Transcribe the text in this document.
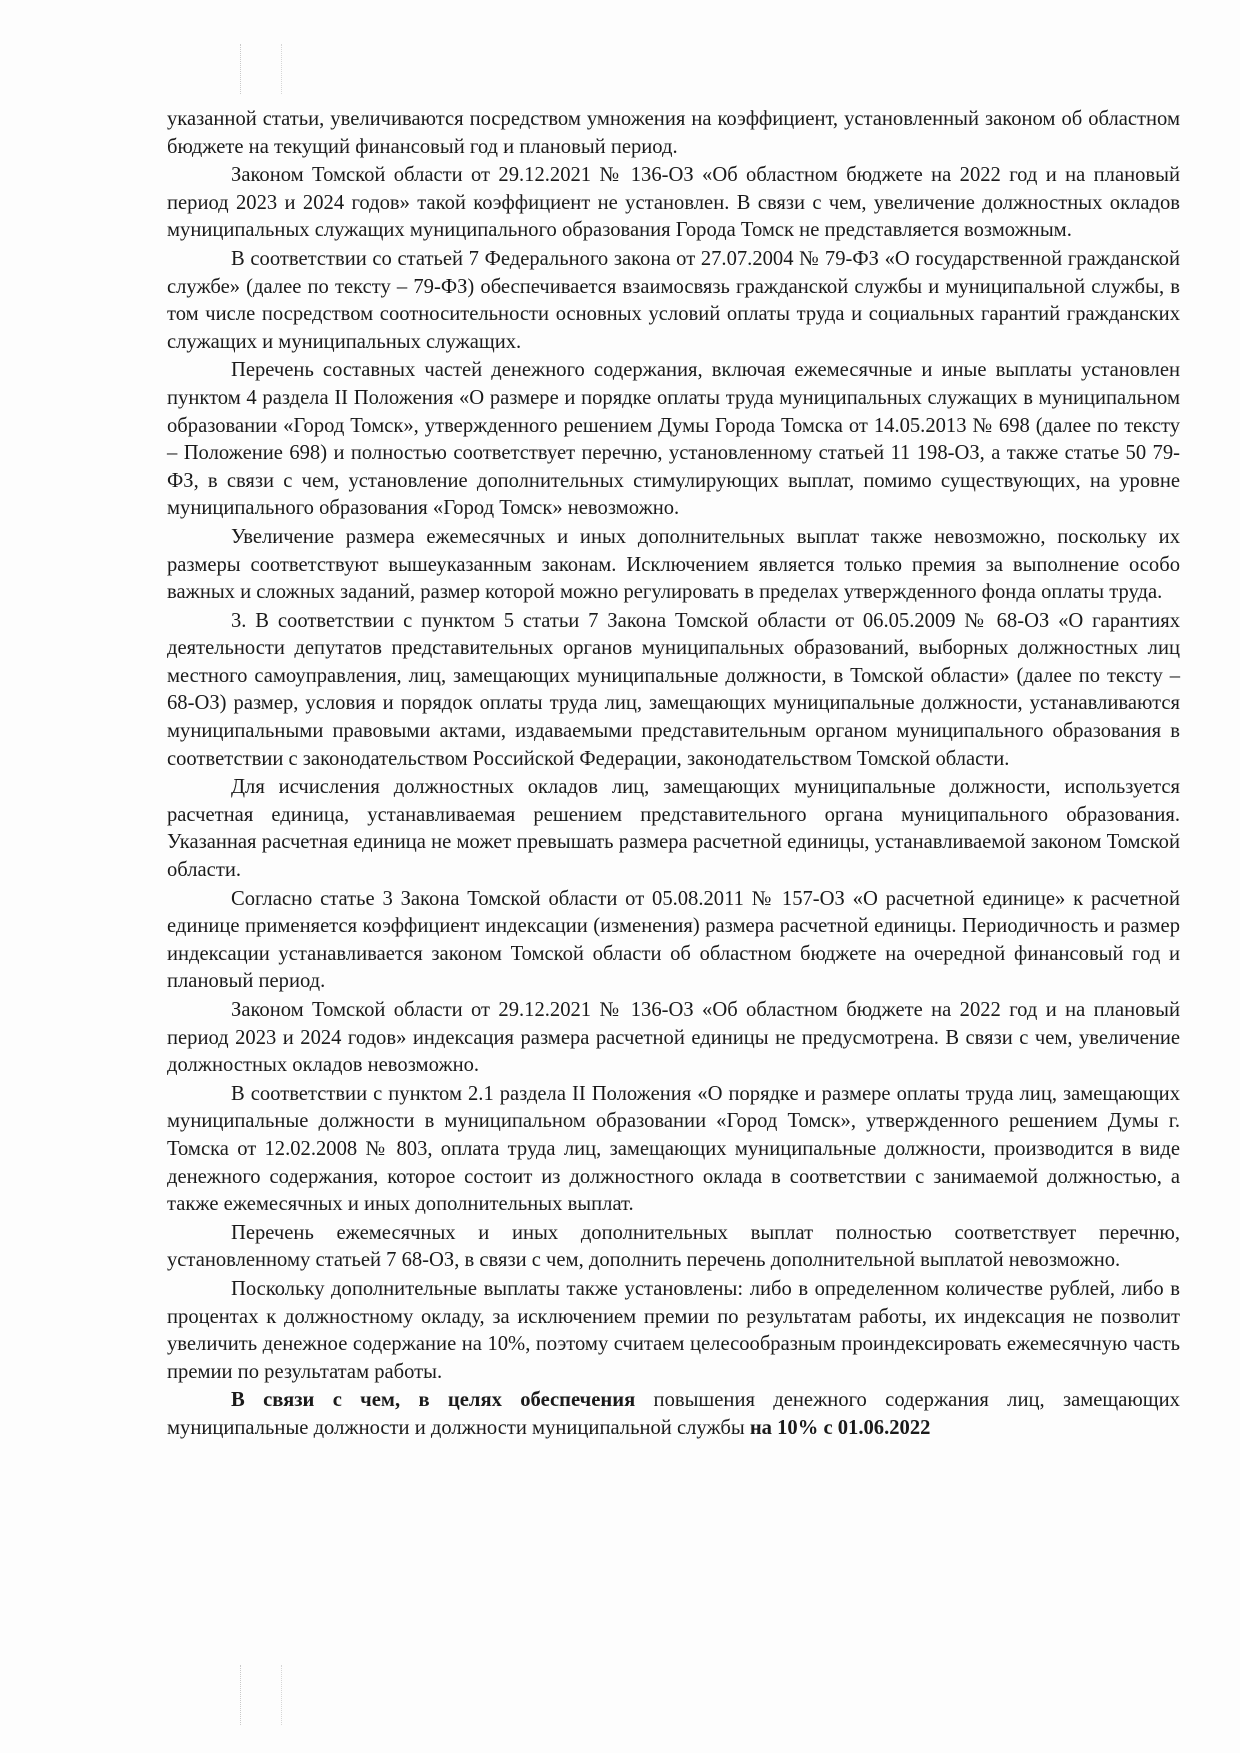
указанной статьи, увеличиваются посредством умножения на коэффициент, установленный законом об областном бюджете на текущий финансовый год и плановый период.

Законом Томской области от 29.12.2021 № 136-ОЗ «Об областном бюджете на 2022 год и на плановый период 2023 и 2024 годов» такой коэффициент не установлен. В связи с чем, увеличение должностных окладов муниципальных служащих муниципального образования Города Томск не представляется возможным.

В соответствии со статьей 7 Федерального закона от 27.07.2004 № 79-ФЗ «О государственной гражданской службе» (далее по тексту – 79-ФЗ) обеспечивается взаимосвязь гражданской службы и муниципальной службы, в том числе посредством соотносительности основных условий оплаты труда и социальных гарантий гражданских служащих и муниципальных служащих.

Перечень составных частей денежного содержания, включая ежемесячные и иные выплаты установлен пунктом 4 раздела II Положения «О размере и порядке оплаты труда муниципальных служащих в муниципальном образовании «Город Томск», утвержденного решением Думы Города Томска от 14.05.2013 № 698 (далее по тексту – Положение 698) и полностью соответствует перечню, установленному статьей 11 198-ОЗ, а также статье 50 79-ФЗ, в связи с чем, установление дополнительных стимулирующих выплат, помимо существующих, на уровне муниципального образования «Город Томск» невозможно.

Увеличение размера ежемесячных и иных дополнительных выплат также невозможно, поскольку их размеры соответствуют вышеуказанным законам. Исключением является только премия за выполнение особо важных и сложных заданий, размер которой можно регулировать в пределах утвержденного фонда оплаты труда.

3. В соответствии с пунктом 5 статьи 7 Закона Томской области от 06.05.2009 № 68-ОЗ «О гарантиях деятельности депутатов представительных органов муниципальных образований, выборных должностных лиц местного самоуправления, лиц, замещающих муниципальные должности, в Томской области» (далее по тексту – 68-ОЗ) размер, условия и порядок оплаты труда лиц, замещающих муниципальные должности, устанавливаются муниципальными правовыми актами, издаваемыми представительным органом муниципального образования в соответствии с законодательством Российской Федерации, законодательством Томской области.

Для исчисления должностных окладов лиц, замещающих муниципальные должности, используется расчетная единица, устанавливаемая решением представительного органа муниципального образования. Указанная расчетная единица не может превышать размера расчетной единицы, устанавливаемой законом Томской области.

Согласно статье 3 Закона Томской области от 05.08.2011 № 157-ОЗ «О расчетной единице» к расчетной единице применяется коэффициент индексации (изменения) размера расчетной единицы. Периодичность и размер индексации устанавливается законом Томской области об областном бюджете на очередной финансовый год и плановый период.

Законом Томской области от 29.12.2021 № 136-ОЗ «Об областном бюджете на 2022 год и на плановый период 2023 и 2024 годов» индексация размера расчетной единицы не предусмотрена. В связи с чем, увеличение должностных окладов невозможно.

В соответствии с пунктом 2.1 раздела II Положения «О порядке и размере оплаты труда лиц, замещающих муниципальные должности в муниципальном образовании «Город Томск», утвержденного решением Думы г. Томска от 12.02.2008 № 803, оплата труда лиц, замещающих муниципальные должности, производится в виде денежного содержания, которое состоит из должностного оклада в соответствии с занимаемой должностью, а также ежемесячных и иных дополнительных выплат.

Перечень ежемесячных и иных дополнительных выплат полностью соответствует перечню, установленному статьей 7 68-ОЗ, в связи с чем, дополнить перечень дополнительной выплатой невозможно.

Поскольку дополнительные выплаты также установлены: либо в определенном количестве рублей, либо в процентах к должностному окладу, за исключением премии по результатам работы, их индексация не позволит увеличить денежное содержание на 10%, поэтому считаем целесообразным проиндексировать ежемесячную часть премии по результатам работы.

В связи с чем, в целях обеспечения повышения денежного содержания лиц, замещающих муниципальные должности и должности муниципальной службы на 10% с 01.06.2022
